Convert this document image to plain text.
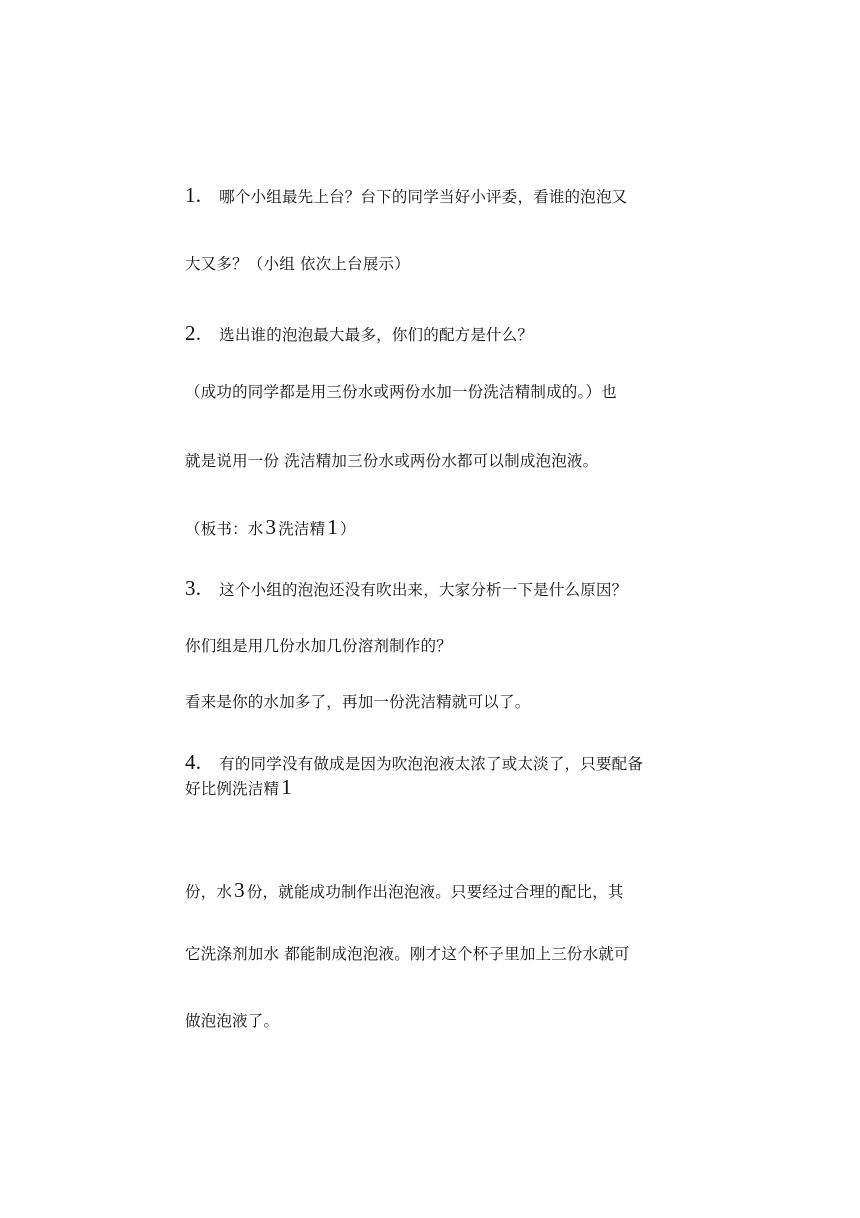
1. 哪个小组最先上台？台下的同学当好小评委，看谁的泡泡又
大又多？（小组 依次上台展示）
2. 选出谁的泡泡最大最多，你们的配方是什么？
（成功的同学都是用三份水或两份水加一份洗洁精制成的。）也
就是说用一份 洗洁精加三份水或两份水都可以制成泡泡液。
（板书：水3 洗洁精1 ）
3. 这个小组的泡泡还没有吹出来，大家分析一下是什么原因？
你们组是用几份水加几份溶剂制作的？
看来是你的水加多了，再加一份洗洁精就可以了。
4. 有的同学没有做成是因为吹泡泡液太浓了或太淡了，只要配备
好比例洗洁精1
份，水3 份，就能成功制作出泡泡液。只要经过合理的配比，其
它洗涤剂加水 都能制成泡泡液。刚才这个杯子里加上三份水就可
做泡泡液了。
